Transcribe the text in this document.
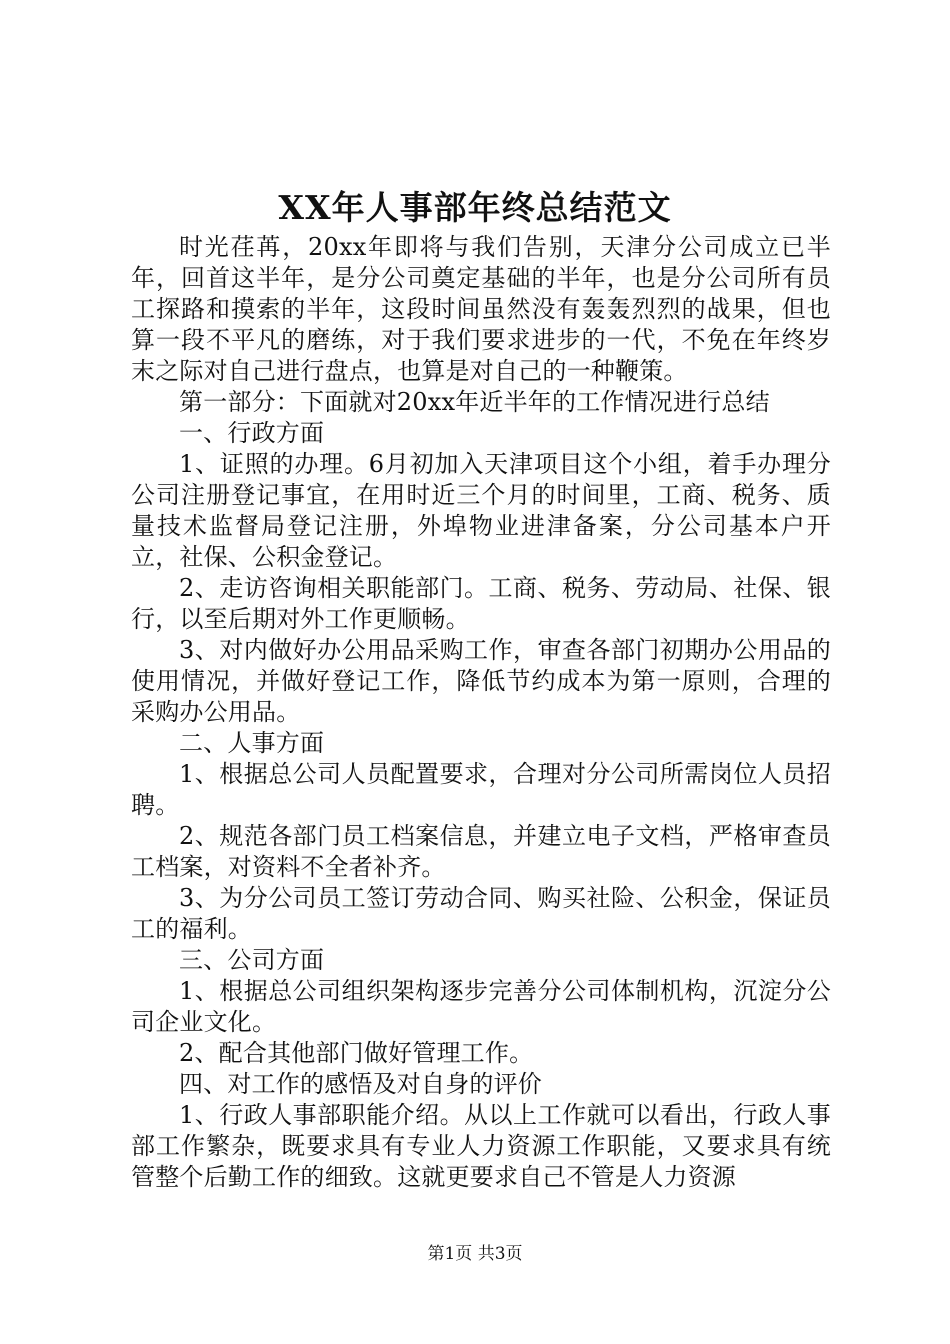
XX年人事部年终总结范文

时光荏苒，20xx年即将与我们告别，天津分公司成立已半年，回首这半年，是分公司奠定基础的半年，也是分公司所有员工探路和摸索的半年，这段时间虽然没有轰轰烈烈的战果，但也算一段不平凡的磨练，对于我们要求进步的一代，不免在年终岁末之际对自己进行盘点，也算是对自己的一种鞭策。

第一部分：下面就对20xx年近半年的工作情况进行总结

一、行政方面

1、证照的办理。6月初加入天津项目这个小组，着手办理分公司注册登记事宜，在用时近三个月的时间里，工商、税务、质量技术监督局登记注册，外埠物业进津备案，分公司基本户开立，社保、公积金登记。

2、走访咨询相关职能部门。工商、税务、劳动局、社保、银行，以至后期对外工作更顺畅。

3、对内做好办公用品采购工作，审查各部门初期办公用品的使用情况，并做好登记工作，降低节约成本为第一原则，合理的采购办公用品。

二、人事方面

1、根据总公司人员配置要求，合理对分公司所需岗位人员招聘。

2、规范各部门员工档案信息，并建立电子文档，严格审查员工档案，对资料不全者补齐。

3、为分公司员工签订劳动合同、购买社险、公积金，保证员工的福利。

三、公司方面

1、根据总公司组织架构逐步完善分公司体制机构，沉淀分公司企业文化。

2、配合其他部门做好管理工作。

四、对工作的感悟及对自身的评价

1、行政人事部职能介绍。从以上工作就可以看出，行政人事部工作繁杂，既要求具有专业人力资源工作职能，又要求具有统管整个后勤工作的细致。这就更要求自己不管是人力资源

第1页 共3页
